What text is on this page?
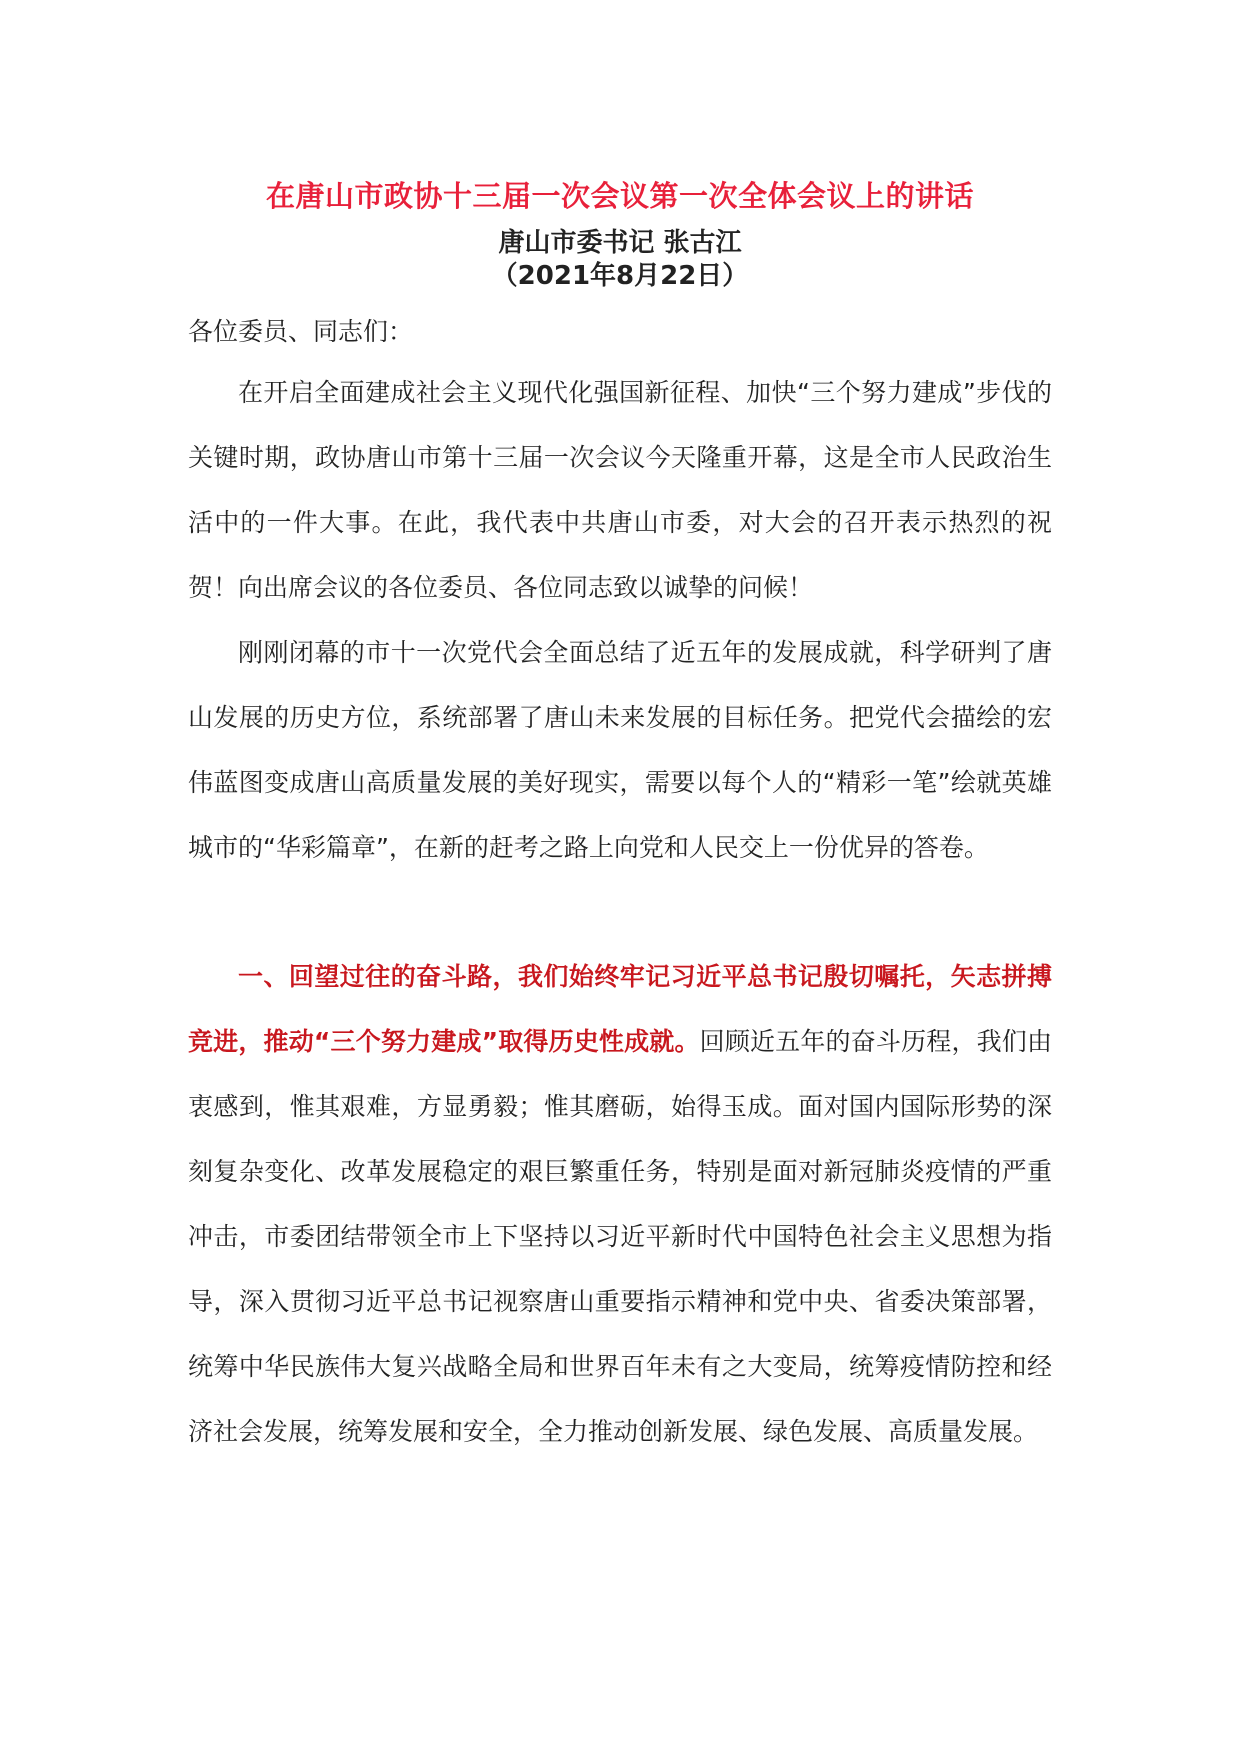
在唐山市政协十三届一次会议第一次全体会议上的讲话
唐山市委书记 张古江
（2021年8月22日）
各位委员、同志们：

在开启全面建成社会主义现代化强国新征程、加快“三个努力建成”步伐的关键时期，政协唐山市第十三届一次会议今天隆重开幕，这是全市人民政治生活中的一件大事。在此，我代表中共唐山市委，对大会的召开表示热烈的祝贺！向出席会议的各位委员、各位同志致以诚挚的问候！

刚刚闭幕的市十一次党代会全面总结了近五年的发展成就，科学研判了唐山发展的历史方位，系统部署了唐山未来发展的目标任务。把党代会描绘的宏伟蓝图变成唐山高质量发展的美好现实，需要以每个人的“精彩一笔”绘就英雄城市的“华彩篇章”，在新的赶考之路上向党和人民交上一份优异的答卷。

一、回望过往的奋斗路，我们始终牢记习近平总书记殷切嘱托，矢志拼搏竞进，推动“三个努力建成”取得历史性成就。回顾近五年的奋斗历程，我们由衷感到，惟其艰难，方显勇毅；惟其磨砺，始得玉成。面对国内国际形势的深刻复杂变化、改革发展稳定的艰巨繁重任务，特别是面对新冠肺炎疫情的严重冲击，市委团结带领全市上下坚持以习近平新时代中国特色社会主义思想为指导，深入贯彻习近平总书记视察唐山重要指示精神和党中央、省委决策部署，统筹中华民族伟大复兴战略全局和世界百年未有之大变局，统筹疫情防控和经济社会发展，统筹发展和安全，全力推动创新发展、绿色发展、高质量发展。
